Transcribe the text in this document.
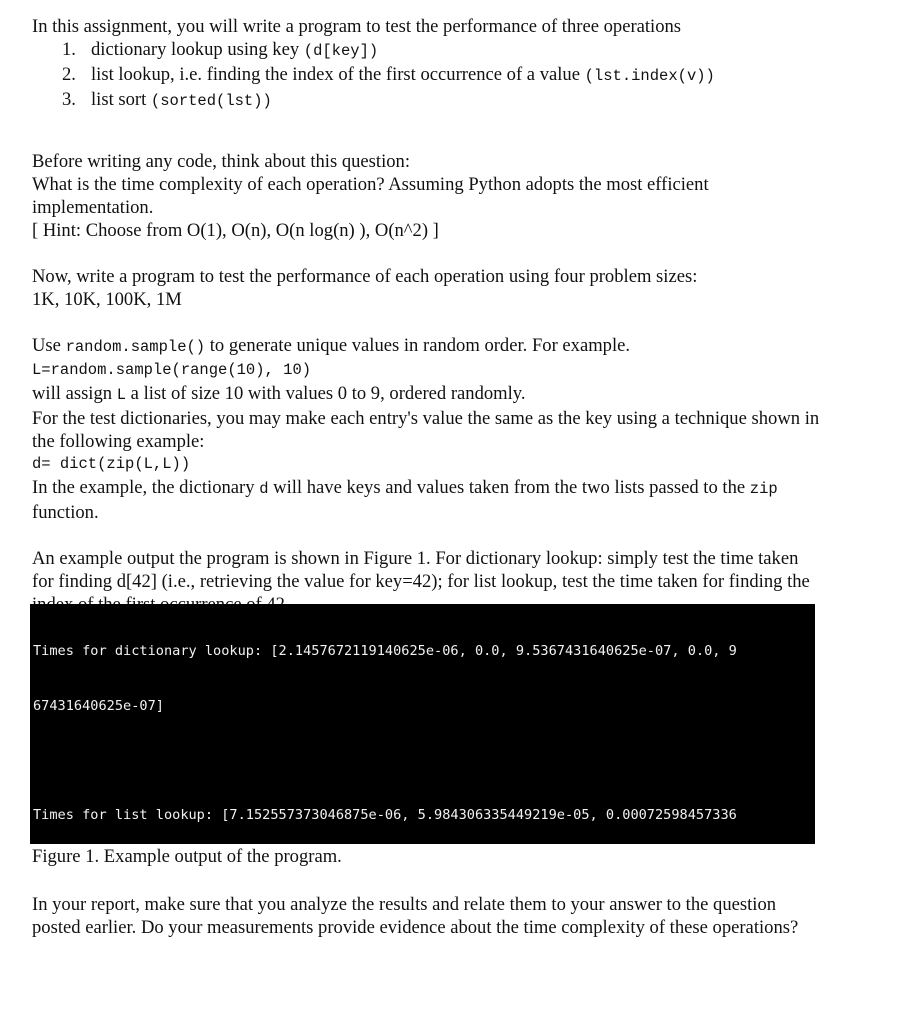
In this assignment, you will write a program to test the performance of three operations

1. dictionary lookup using key (d[key])
2. list lookup, i.e. finding the index of the first occurrence of a value (lst.index(v))
3. list sort (sorted(lst))

Before writing any code, think about this question:

What is the time complexity of each operation? Assuming Python adopts the most efficient implementation.

[ Hint: Choose from O(1), O(n), O(n log(n) ), O(n^2) ]

Now, write a program to test the performance of each operation using four problem sizes:

1K, 10K, 100K, 1M

Use random.sample() to generate unique values in random order. For example.

L=random.sample(range(10), 10)

will assign L a list of size 10 with values 0 to 9, ordered randomly.

For the test dictionaries, you may make each entry's value the same as the key using a technique shown in the following example:

d= dict(zip(L,L))

In the example, the dictionary d will have keys and values taken from the two lists passed to the zip function.

An example output the program is shown in Figure 1. For dictionary lookup: simply test the time taken for finding d[42] (i.e., retrieving the value for key=42); for list lookup, test the time taken for finding the

Times for dictionary lookup: [2.1457672119140625e-06, 0.0, 9.5367431640625e-07, 0.0, 9

67431640625e-07]

Times for list lookup: [7.152557373046875e-06, 5.984306335449219e-05, 0.00072598457336

Figure 1. Example output of the program.

In your report, make sure that you analyze the results and relate them to your answer to the question posted earlier. Do your measurements provide evidence about the time complexity of these operations?
